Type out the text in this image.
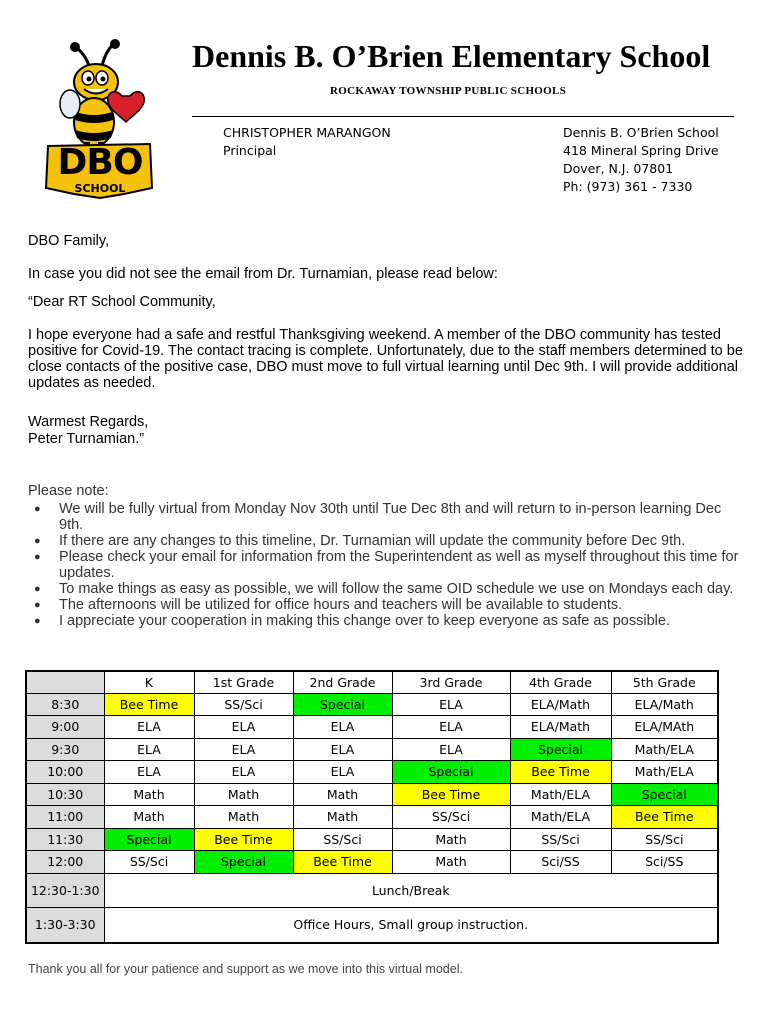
DBO
SCHOOL
Dennis B. O’Brien Elementary School
ROCKAWAY TOWNSHIP PUBLIC SCHOOLS
CHRISTOPHER MARANGON
Principal
Dennis B. O’Brien School
418 Mineral Spring Drive
Dover, N.J. 07801
Ph: (973) 361 - 7330

DBO Family,

In case you did not see the email from Dr. Turnamian, please read below:

“Dear RT School Community,

I hope everyone had a safe and restful Thanksgiving weekend. A member of the DBO community has tested positive for Covid-19. The contact tracing is complete. Unfortunately, due to the staff members determined to be close contacts of the positive case, DBO must move to full virtual learning until Dec 9th. I will provide additional updates as needed.

Warmest Regards,

Peter Turnamian.”

Please note:

● We will be fully virtual from Monday Nov 30th until Tue Dec 8th and will return to in-person learning Dec 9th.
● If there are any changes to this timeline, Dr. Turnamian will update the community before Dec 9th.
● Please check your email for information from the Superintendent as well as myself throughout this time for updates.
● To make things as easy as possible, we will follow the same OID schedule we use on Mondays each day.
● The afternoons will be utilized for office hours and teachers will be available to students.
● I appreciate your cooperation in making this change over to keep everyone as safe as possible.
	K	1st Grade	2nd Grade	3rd Grade	4th Grade	5th Grade
8:30	Bee Time	SS/Sci	Special	ELA	ELA/Math	ELA/Math
9:00	ELA	ELA	ELA	ELA	ELA/Math	ELA/MAth
9:30	ELA	ELA	ELA	ELA	Special	Math/ELA
10:00	ELA	ELA	ELA	Special	Bee Time	Math/ELA
10:30	Math	Math	Math	Bee Time	Math/ELA	Special
11:00	Math	Math	Math	SS/Sci	Math/ELA	Bee Time
11:30	Special	Bee Time	SS/Sci	Math	SS/Sci	SS/Sci
12:00	SS/Sci	Special	Bee Time	Math	Sci/SS	Sci/SS
12:30-1:30	Lunch/Break					
1:30-3:30	Office Hours, Small group instruction.					
Thank you all for your patience and support as we move into this virtual model.
